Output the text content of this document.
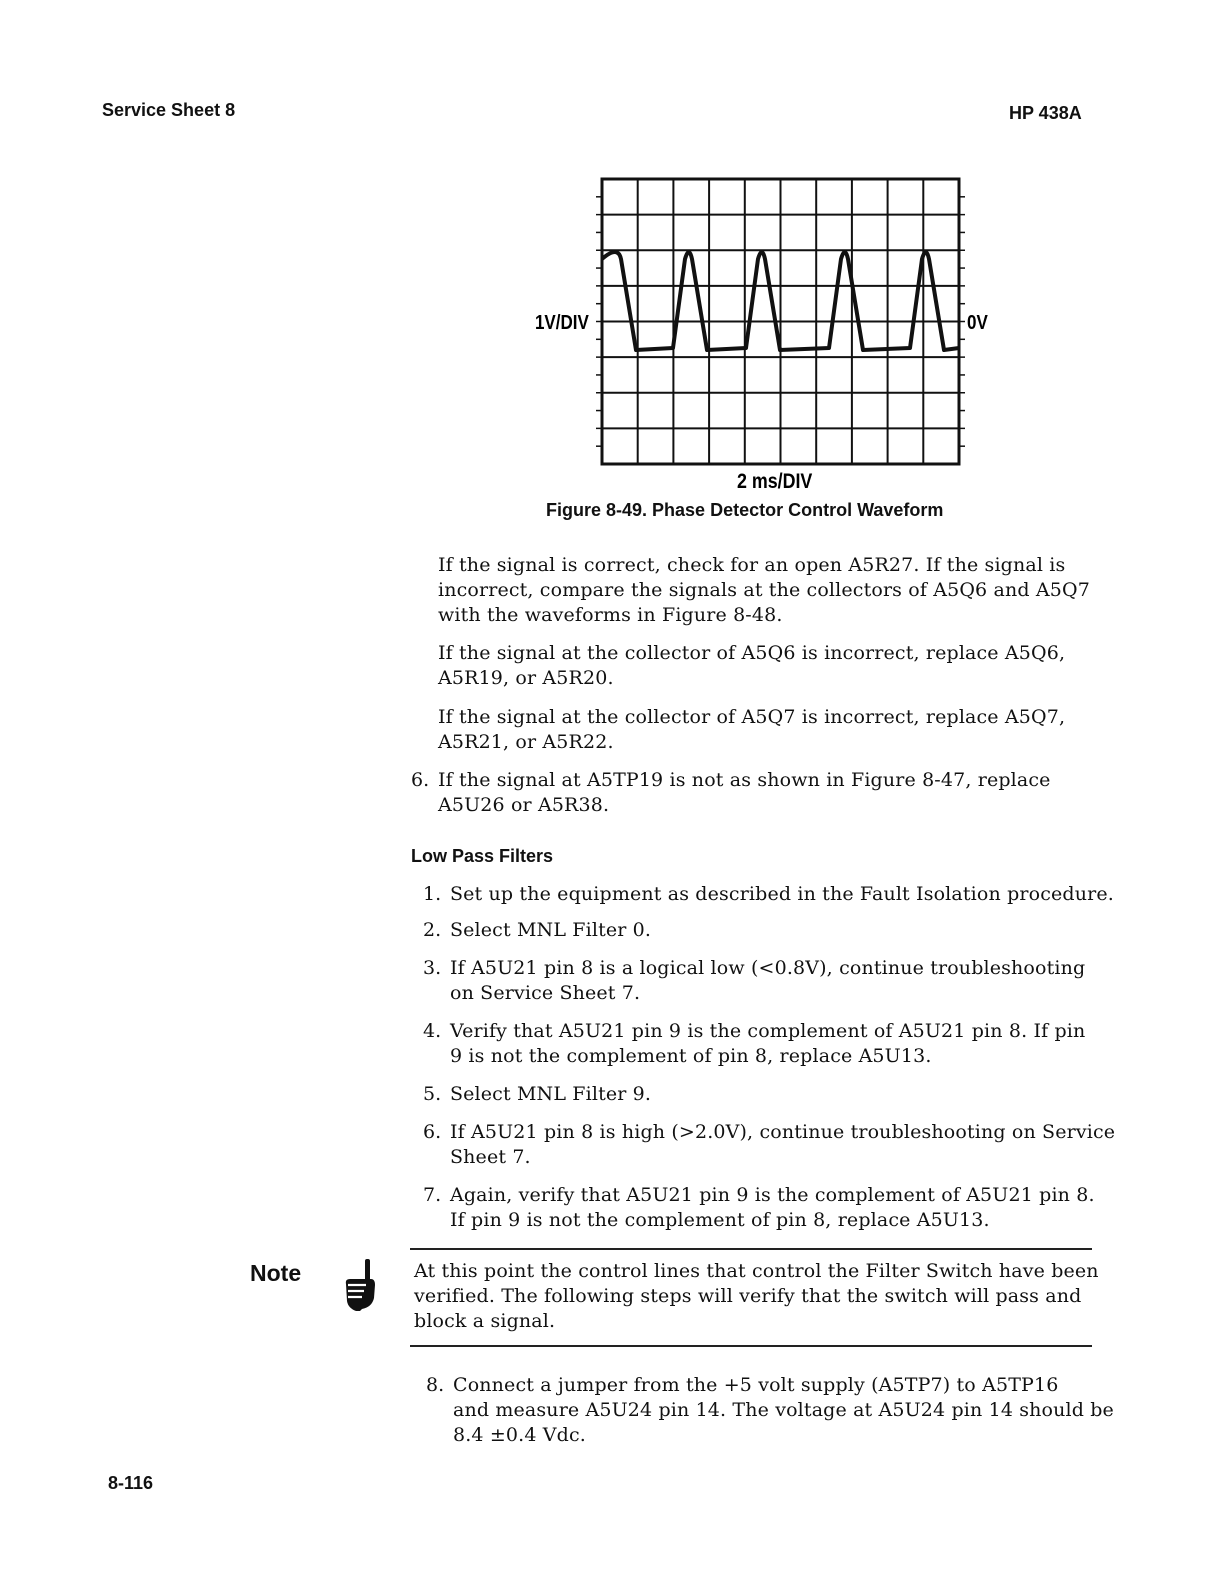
Service Sheet 8	HP 438A
1V/DIV	0V
2 ms/DIV
Figure 8-49. Phase Detector Control Waveform
If the signal is correct, check for an open A5R27. If the signal is
incorrect, compare the signals at the collectors of A5Q6 and A5Q7
with the waveforms in Figure 8-48.
If the signal at the collector of A5Q6 is incorrect, replace A5Q6,
A5R19, or A5R20.
If the signal at the collector of A5Q7 is incorrect, replace A5Q7,
A5R21, or A5R22.
6. If the signal at A5TP19 is not as shown in Figure 8-47, replace
A5U26 or A5R38.
Low Pass Filters
1. Set up the equipment as described in the Fault Isolation procedure.
2. Select MNL Filter 0.
3. If A5U21 pin 8 is a logical low (<0.8V), continue troubleshooting
on Service Sheet 7.
4. Verify that A5U21 pin 9 is the complement of A5U21 pin 8. If pin
9 is not the complement of pin 8, replace A5U13.
5. Select MNL Filter 9.
6. If A5U21 pin 8 is high (>2.0V), continue troubleshooting on Service
Sheet 7.
7. Again, verify that A5U21 pin 9 is the complement of A5U21 pin 8.
If pin 9 is not the complement of pin 8, replace A5U13.
Note	At this point the control lines that control the Filter Switch have been
verified. The following steps will verify that the switch will pass and
block a signal.
8. Connect a jumper from the +5 volt supply (A5TP7) to A5TP16
and measure A5U24 pin 14. The voltage at A5U24 pin 14 should be
8.4 ±0.4 Vdc.
8-116
